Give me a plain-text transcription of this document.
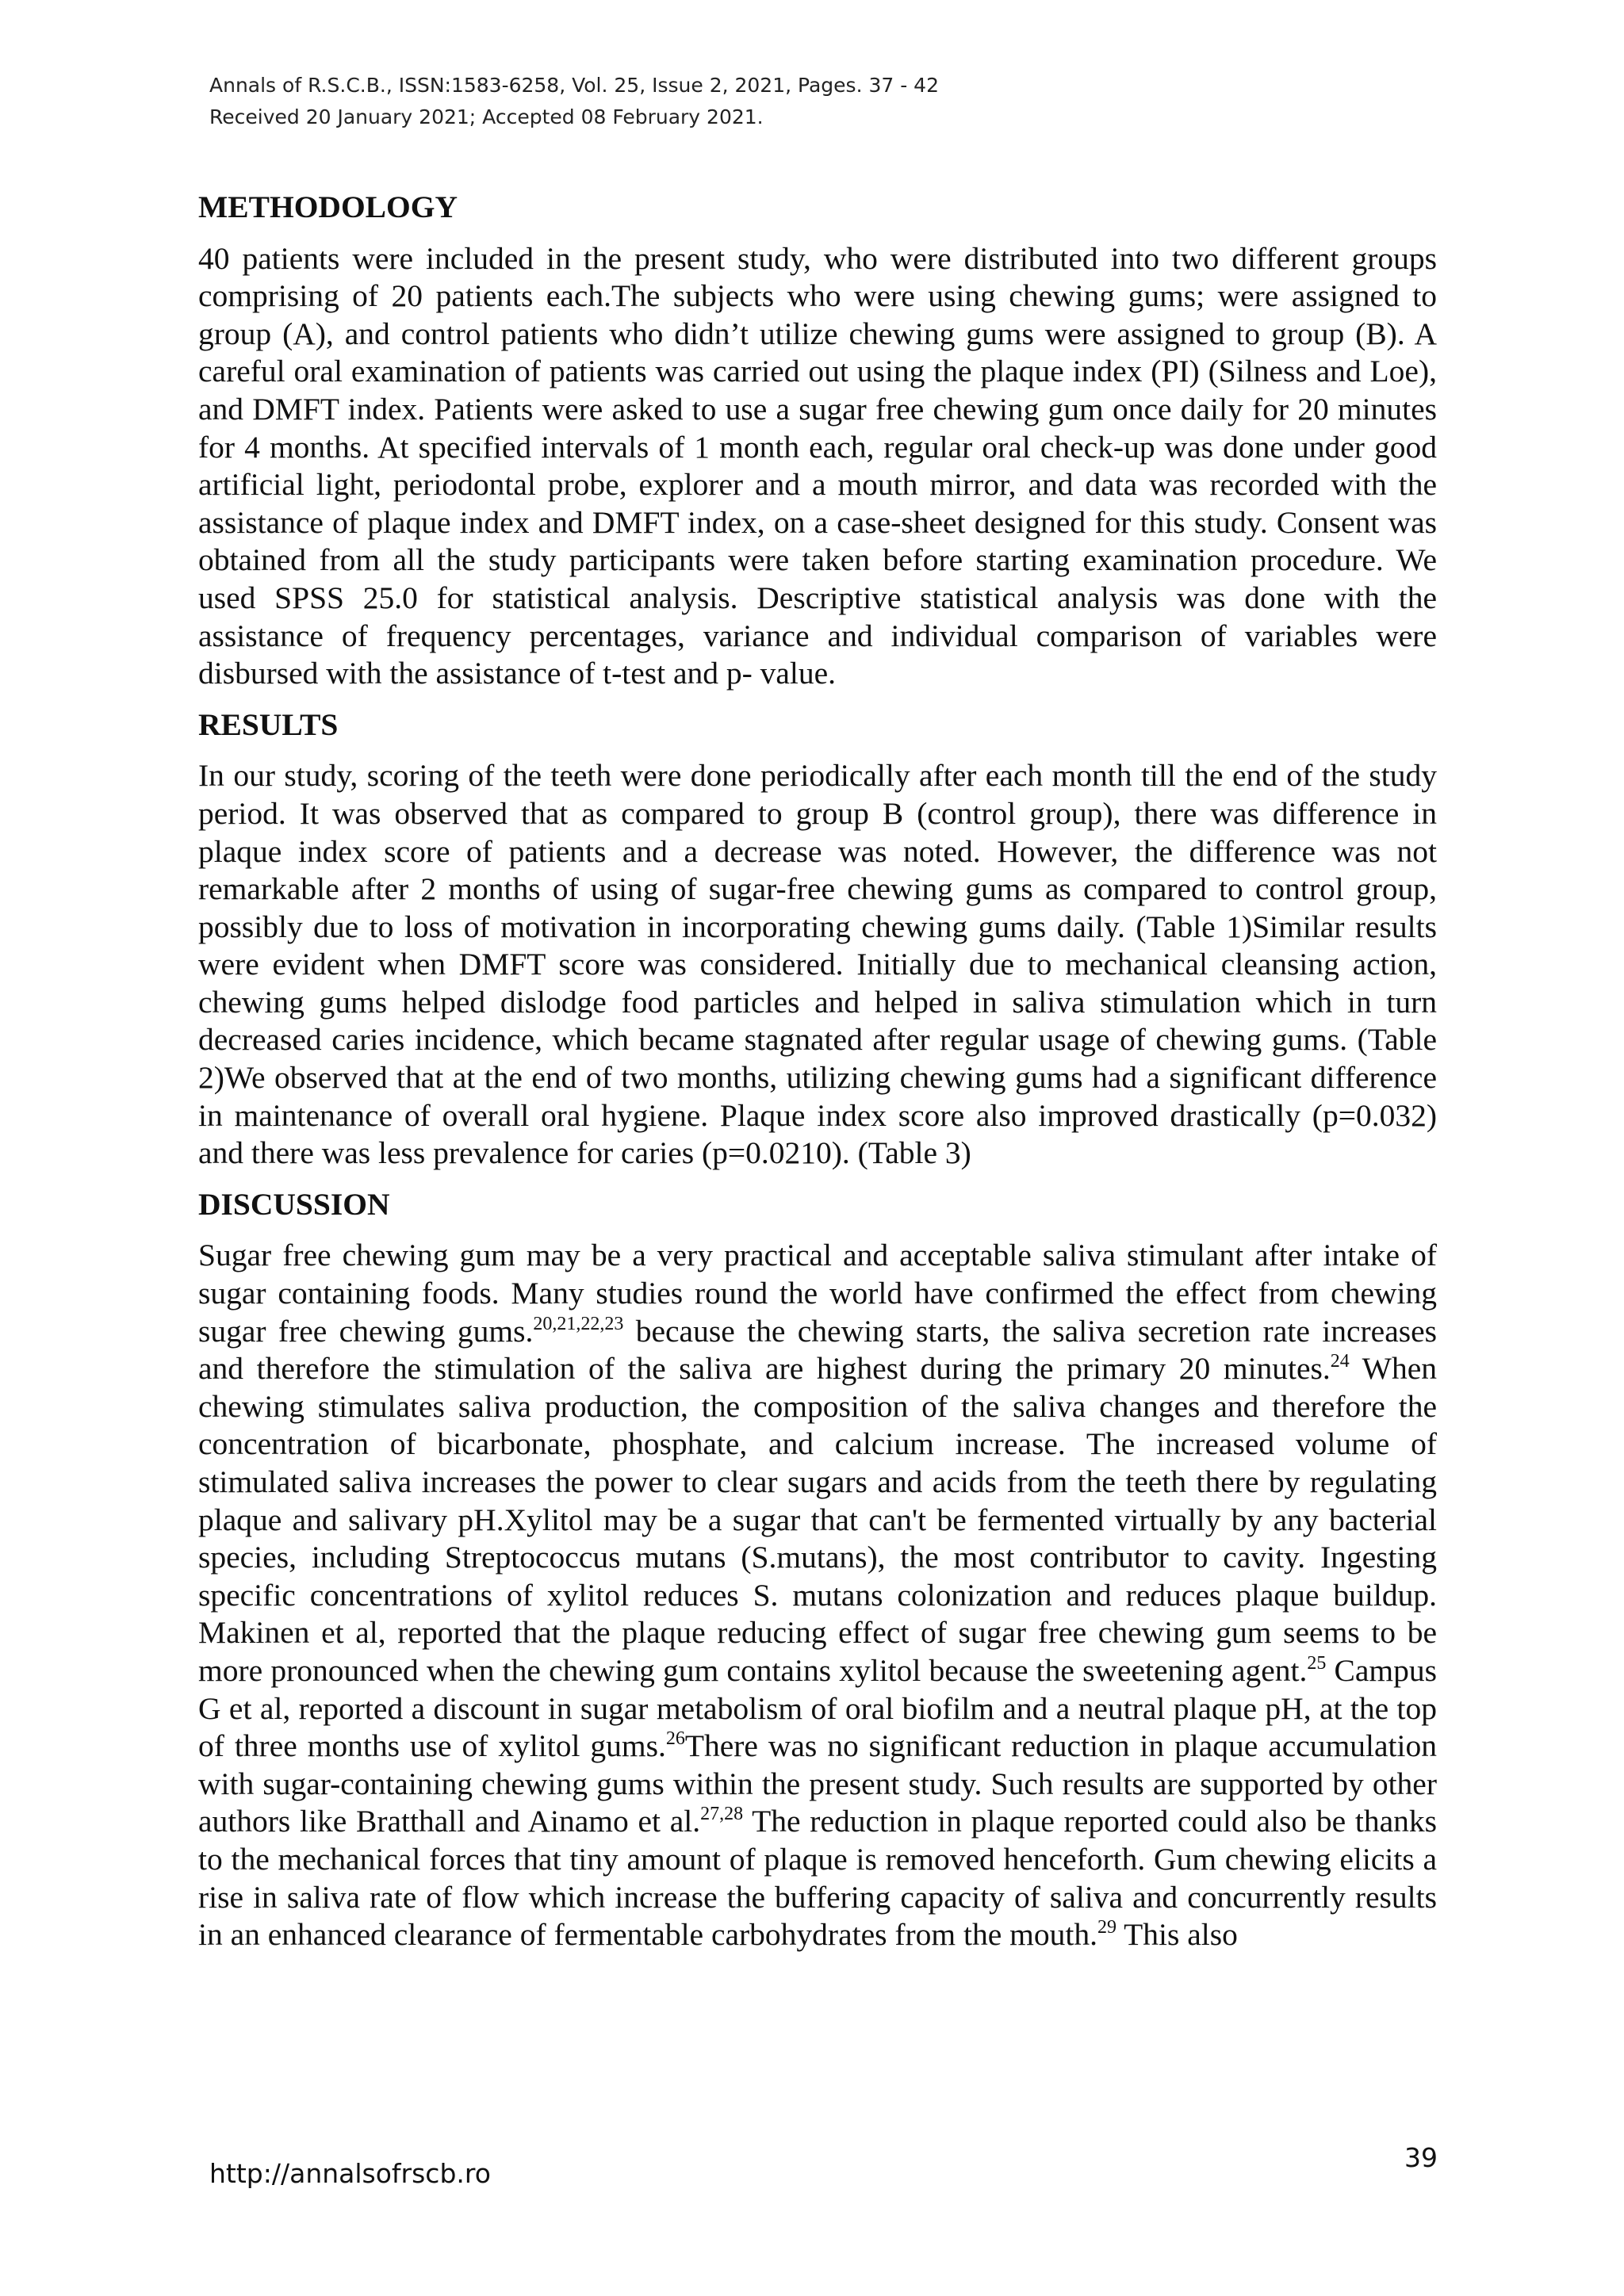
Annals of R.S.C.B., ISSN:1583-6258, Vol. 25, Issue 2, 2021, Pages. 37 - 42
Received 20 January 2021; Accepted 08 February 2021.
METHODOLOGY

40 patients were included in the present study, who were distributed into two different groups comprising of 20 patients each.The subjects who were using chewing gums; were assigned to group (A), and control patients who didn’t utilize chewing gums were assigned to group (B). A careful oral examination of patients was carried out using the plaque index (PI) (Silness and Loe), and DMFT index. Patients were asked to use a sugar free chewing gum once daily for 20 minutes for 4 months. At specified intervals of 1 month each, regular oral check-up was done under good artificial light, periodontal probe, explorer and a mouth mirror, and data was recorded with the assistance of plaque index and DMFT index, on a case-sheet designed for this study. Consent was obtained from all the study participants were taken before starting examination procedure. We used SPSS 25.0 for statistical analysis. Descriptive statistical analysis was done with the assistance of frequency percentages, variance and individual comparison of variables were disbursed with the assistance of t-test and p- value.

RESULTS

In our study, scoring of the teeth were done periodically after each month till the end of the study period. It was observed that as compared to group B (control group), there was difference in plaque index score of patients and a decrease was noted. However, the difference was not remarkable after 2 months of using of sugar-free chewing gums as compared to control group, possibly due to loss of motivation in incorporating chewing gums daily. (Table 1)Similar results were evident when DMFT score was considered. Initially due to mechanical cleansing action, chewing gums helped dislodge food particles and helped in saliva stimulation which in turn decreased caries incidence, which became stagnated after regular usage of chewing gums. (Table 2)We observed that at the end of two months, utilizing chewing gums had a significant difference in maintenance of overall oral hygiene. Plaque index score also improved drastically (p=0.032) and there was less prevalence for caries (p=0.0210). (Table 3)

DISCUSSION

Sugar free chewing gum may be a very practical and acceptable saliva stimulant after intake of sugar containing foods. Many studies round the world have confirmed the effect from chewing sugar free chewing gums.$^{20,21,22,23}$ because the chewing starts, the saliva secretion rate increases and therefore the stimulation of the saliva are highest during the primary 20 minutes.$^{24}$ When chewing stimulates saliva production, the composition of the saliva changes and therefore the concentration of bicarbonate, phosphate, and calcium increase. The increased volume of stimulated saliva increases the power to clear sugars and acids from the teeth there by regulating plaque and salivary pH.Xylitol may be a sugar that can't be fermented virtually by any bacterial species, including Streptococcus mutans (S.mutans), the most contributor to cavity. Ingesting specific concentrations of xylitol reduces S. mutans colonization and reduces plaque buildup. Makinen et al, reported that the plaque reducing effect of sugar free chewing gum seems to be more pronounced when the chewing gum contains xylitol because the sweetening agent.$^{25}$ Campus G et al, reported a discount in sugar metabolism of oral biofilm and a neutral plaque pH, at the top of three months use of xylitol gums.$^{26}$There was no significant reduction in plaque accumulation with sugar-containing chewing gums within the present study. Such results are supported by other authors like Bratthall and Ainamo et al.$^{27,28}$ The reduction in plaque reported could also be thanks to the mechanical forces that tiny amount of plaque is removed henceforth. Gum chewing elicits a rise in saliva rate of flow which increase the buffering capacity of saliva and concurrently results in an enhanced clearance of fermentable carbohydrates from the mouth.$^{29}$ This also

http://annalsofrscb.ro
39
